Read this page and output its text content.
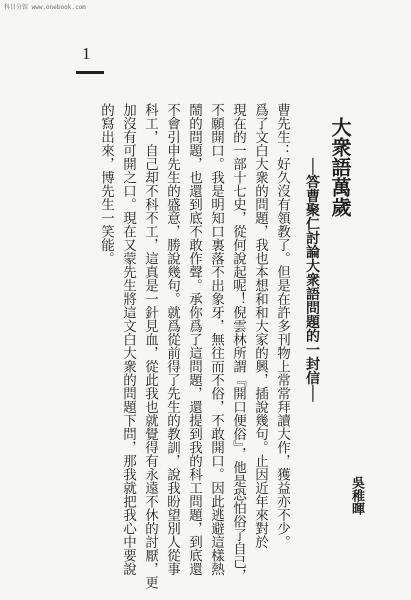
科目分馆 www.onebook.com
1
大衆語萬歲
──答曹聚仁討論大衆語問題的一封信──
曹先生：好久沒有領教了。但是在許多刊物上常常拜讀大作，獲益亦不少。
爲了文白大衆的問題，我也本想和和大家的興，插說幾句。止因近年來對於
現在的一部十七史，從何說起呢！倪雲林所謂『開口便俗』，他是恐怕俗了自己，
不願開口。我是明知口裏落不出象牙，無往而不俗，不敢開口。因此逃避這樣熱
鬧的問題，也還到底不敢作聲。承你爲了這問題，還提到我的科工問題，到底還
不會引申先生的盛意，勝說幾句。就爲從前得了先生的教訓，說我盼望別人從事
科工，自己却不科不工，這真是一針見血，從此我也就覺得有永遠不休的討厭，更
加沒有可開之口。現在又蒙先生將這文白大衆的問題下問，那我就把我心中要說
的寫出來，博先生一笑能。
吳稚暉
